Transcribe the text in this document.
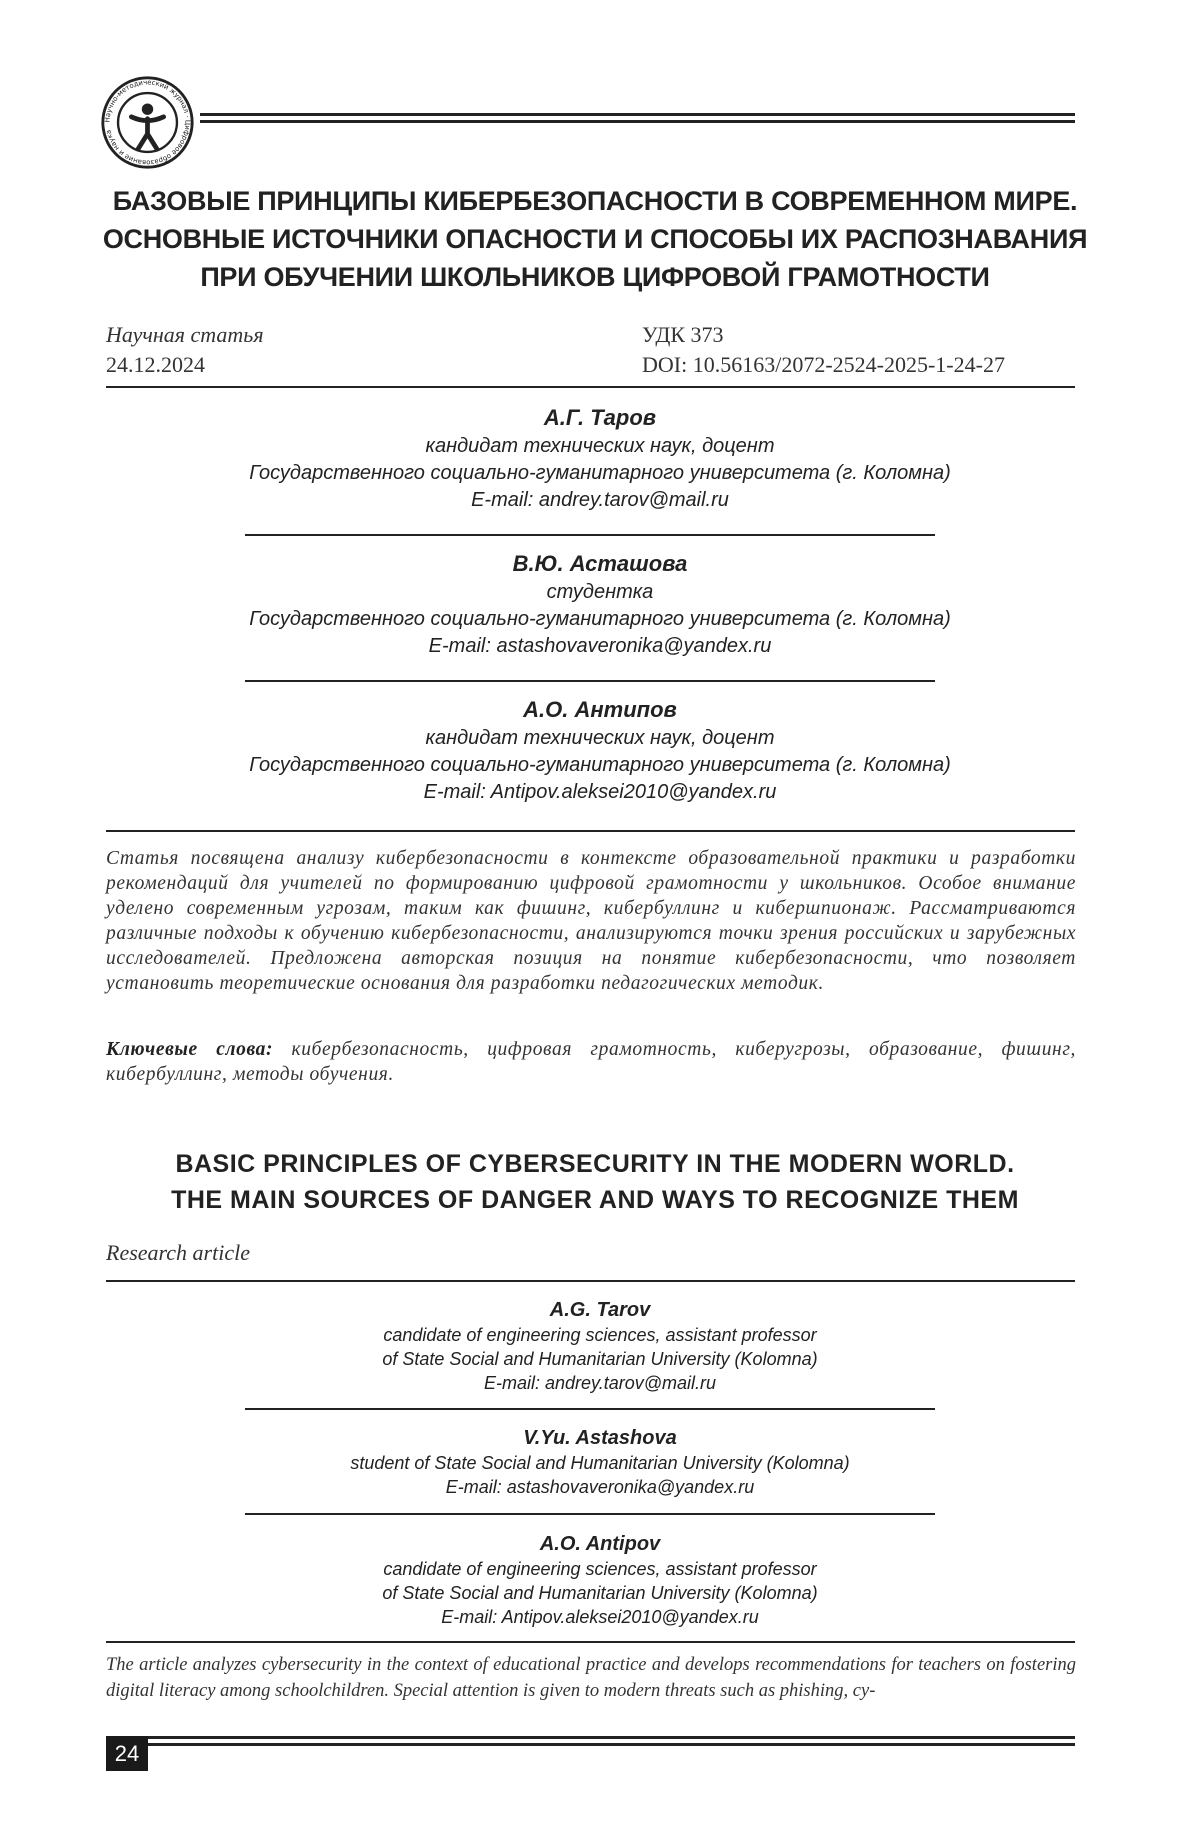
Научно-методический журнал · Цифровое образование и наука
БАЗОВЫЕ ПРИНЦИПЫ КИБЕРБЕЗОПАСНОСТИ В СОВРЕМЕННОМ МИРЕ.
ОСНОВНЫЕ ИСТОЧНИКИ ОПАСНОСТИ И СПОСОБЫ ИХ РАСПОЗНАВАНИЯ
ПРИ ОБУЧЕНИИ ШКОЛЬНИКОВ ЦИФРОВОЙ ГРАМОТНОСТИ
Научная статья
24.12.2024
УДК 373
DOI: 10.56163/2072-2524-2025-1-24-27
А.Г. Таров
кандидат технических наук, доцент
Государственного социально-гуманитарного университета (г. Коломна)
E-mail: andrey.tarov@mail.ru
В.Ю. Асташова
студентка
Государственного социально-гуманитарного университета (г. Коломна)
E-mail: astashovaveronika@yandex.ru
А.О. Антипов
кандидат технических наук, доцент
Государственного социально-гуманитарного университета (г. Коломна)
E-mail: Antipov.aleksei2010@yandex.ru
Статья посвящена анализу кибербезопасности в контексте образовательной практики и разработки рекомендаций для учителей по формированию цифровой грамотности у школьников. Особое внимание уделено современным угрозам, таким как фишинг, кибербуллинг и кибершпионаж. Рассматриваются различные подходы к обучению кибербезопасности, анализируются точки зрения российских и зарубежных исследователей. Предложена авторская позиция на понятие кибербезопасности, что позволяет установить теоретические основания для разработки педагогических методик.
Ключевые слова: кибербезопасность, цифровая грамотность, киберугрозы, образование, фишинг, кибербуллинг, методы обучения.
BASIC PRINCIPLES OF CYBERSECURITY IN THE MODERN WORLD.
THE MAIN SOURCES OF DANGER AND WAYS TO RECOGNIZE THEM
Research article
A.G. Tarov
candidate of engineering sciences, assistant professor
of State Social and Humanitarian University (Kolomna)
E-mail: andrey.tarov@mail.ru
V.Yu. Astashova
student of State Social and Humanitarian University (Kolomna)
E-mail: astashovaveronika@yandex.ru
A.O. Antipov
candidate of engineering sciences, assistant professor
of State Social and Humanitarian University (Kolomna)
E-mail: Antipov.aleksei2010@yandex.ru
The article analyzes cybersecurity in the context of educational practice and develops recommendations for teachers on fostering digital literacy among schoolchildren. Special attention is given to modern threats such as phishing, cy-
24
